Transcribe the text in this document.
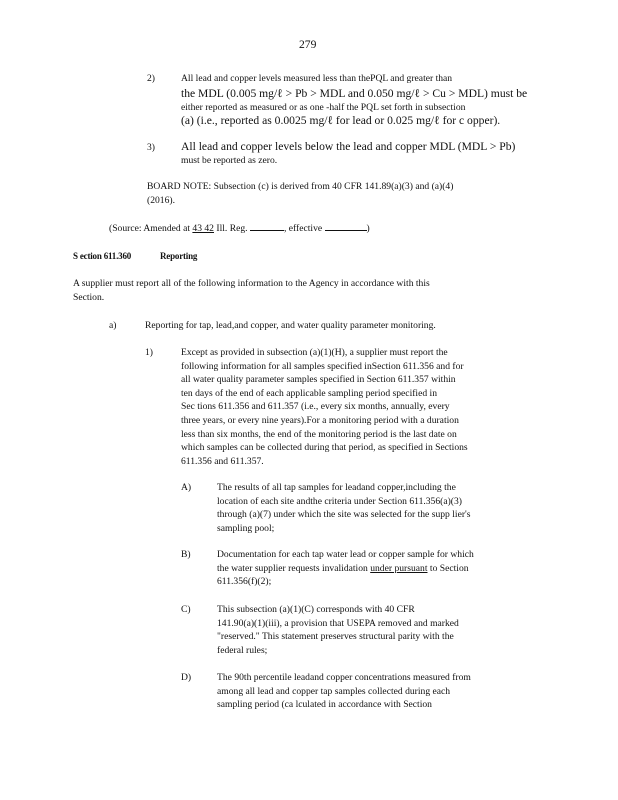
279
2)	All lead and copper levels measured less than thePQL and greater than

the MDL (0.005 mg/ℓ > Pb > MDL and 0.050 mg/ℓ > Cu > MDL) must be

either reported as measured or as one -half the PQL set forth in subsection

(a) (i.e., reported as 0.0025 mg/ℓ for lead or 0.025 mg/ℓ for c opper).

3) All lead and copper levels below the lead and copper MDL (MDL > Pb)

must be reported as zero.

BOARD NOTE: Subsection (c) is derived from 40 CFR 141.89(a)(3) and (a)(4)

(2016).

(Source: Amended at 43 42 Ill. Reg.	, effective	)
S ection 611.360	Reporting

A supplier must report all of the following information to the Agency in accordance with this

Section.

a)	Reporting for tap, lead,and copper, and water quality parameter monitoring.
1)	Except as provided in subsection (a)(1)(H), a supplier must report the

following information for all samples specified inSection 611.356 and for

all water quality parameter samples specified in Section 611.357 within

ten days of the end of each applicable sampling period specified in

Sec tions 611.356 and 611.357 (i.e., every six months, annually, every

three years, or every nine years).For a monitoring period with a duration

less than six months, the end of the monitoring period is the last date on

which samples can be collected during that period, as specified in Sections

611.356 and 611.357.

A)	The results of all tap samples for leadand copper,including the

location of each site andthe criteria under Section 611.356(a)(3)

through (a)(7) under which the site was selected for the supp lier's

sampling pool;

B)	Documentation for each tap water lead or copper sample for which

the water supplier requests invalidation under pursuant to Section

611.356(f)(2);

C)	This subsection (a)(1)(C) corresponds with 40 CFR

141.90(a)(1)(iii), a provision that USEPA removed and marked

"reserved." This statement preserves structural parity with the

federal rules;

D)	The 90th percentile leadand copper concentrations measured from

among all lead and copper tap samples collected during each

sampling period (ca lculated in accordance with Section
